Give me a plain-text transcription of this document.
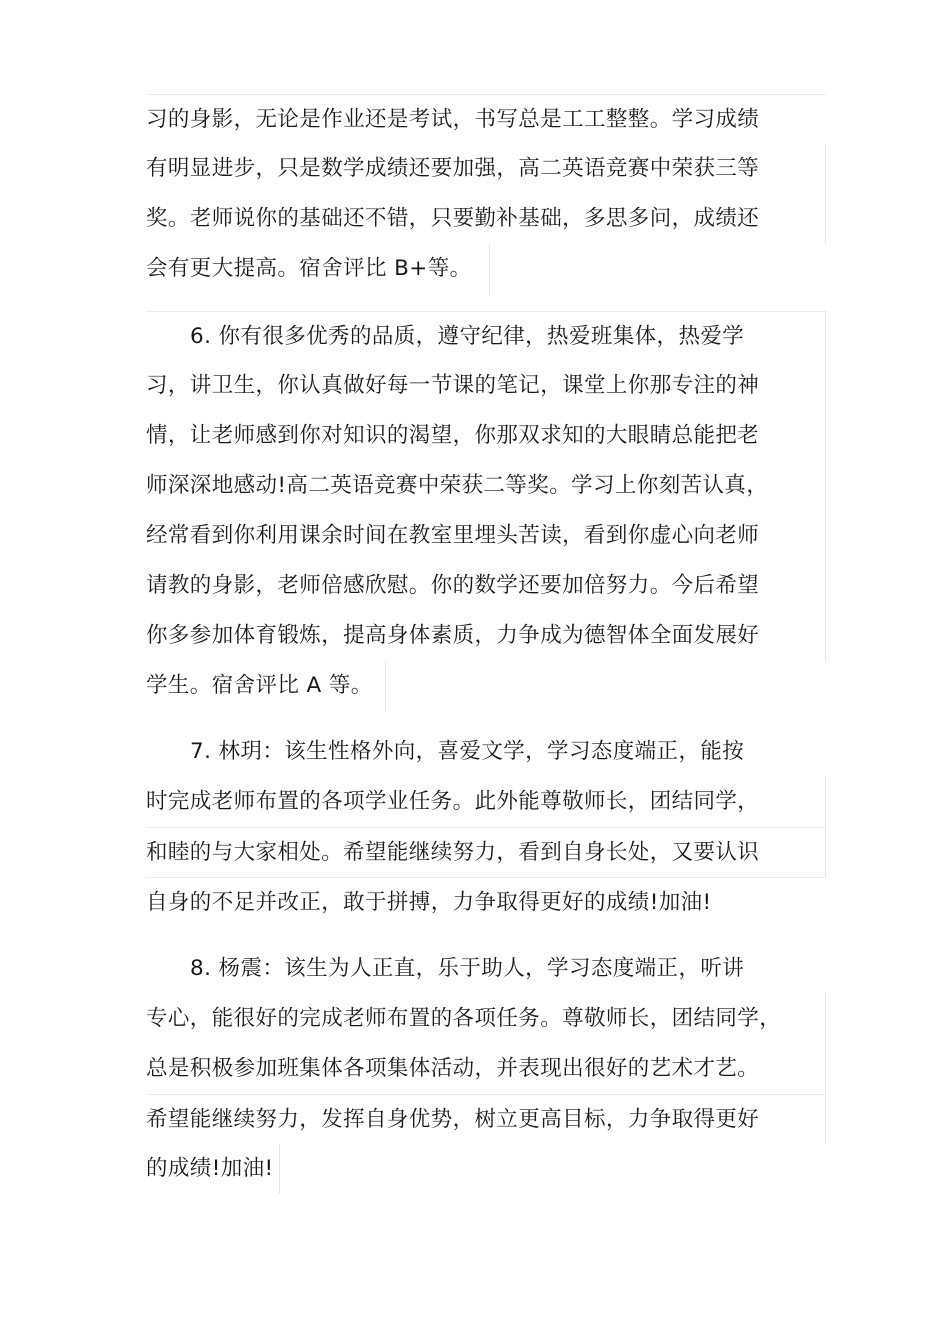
习的身影，无论是作业还是考试，书写总是工工整整。学习成绩
有明显进步，只是数学成绩还要加强，高二英语竞赛中荣获三等
奖。老师说你的基础还不错，只要勤补基础，多思多问，成绩还
会有更大提高。宿舍评比 B+等。
6. 你有很多优秀的品质，遵守纪律，热爱班集体，热爱学
习，讲卫生，你认真做好每一节课的笔记，课堂上你那专注的神
情，让老师感到你对知识的渴望，你那双求知的大眼睛总能把老
师深深地感动!高二英语竞赛中荣获二等奖。学习上你刻苦认真，
经常看到你利用课余时间在教室里埋头苦读，看到你虚心向老师
请教的身影，老师倍感欣慰。你的数学还要加倍努力。今后希望
你多参加体育锻炼，提高身体素质，力争成为德智体全面发展好
学生。宿舍评比 A 等。
7. 林玥：该生性格外向，喜爱文学，学习态度端正，能按
时完成老师布置的各项学业任务。此外能尊敬师长，团结同学，
和睦的与大家相处。希望能继续努力，看到自身长处，又要认识
自身的不足并改正，敢于拼搏，力争取得更好的成绩!加油!
8. 杨震：该生为人正直，乐于助人，学习态度端正，听讲
专心，能很好的完成老师布置的各项任务。尊敬师长，团结同学，
总是积极参加班集体各项集体活动，并表现出很好的艺术才艺。
希望能继续努力，发挥自身优势，树立更高目标，力争取得更好
的成绩!加油!
